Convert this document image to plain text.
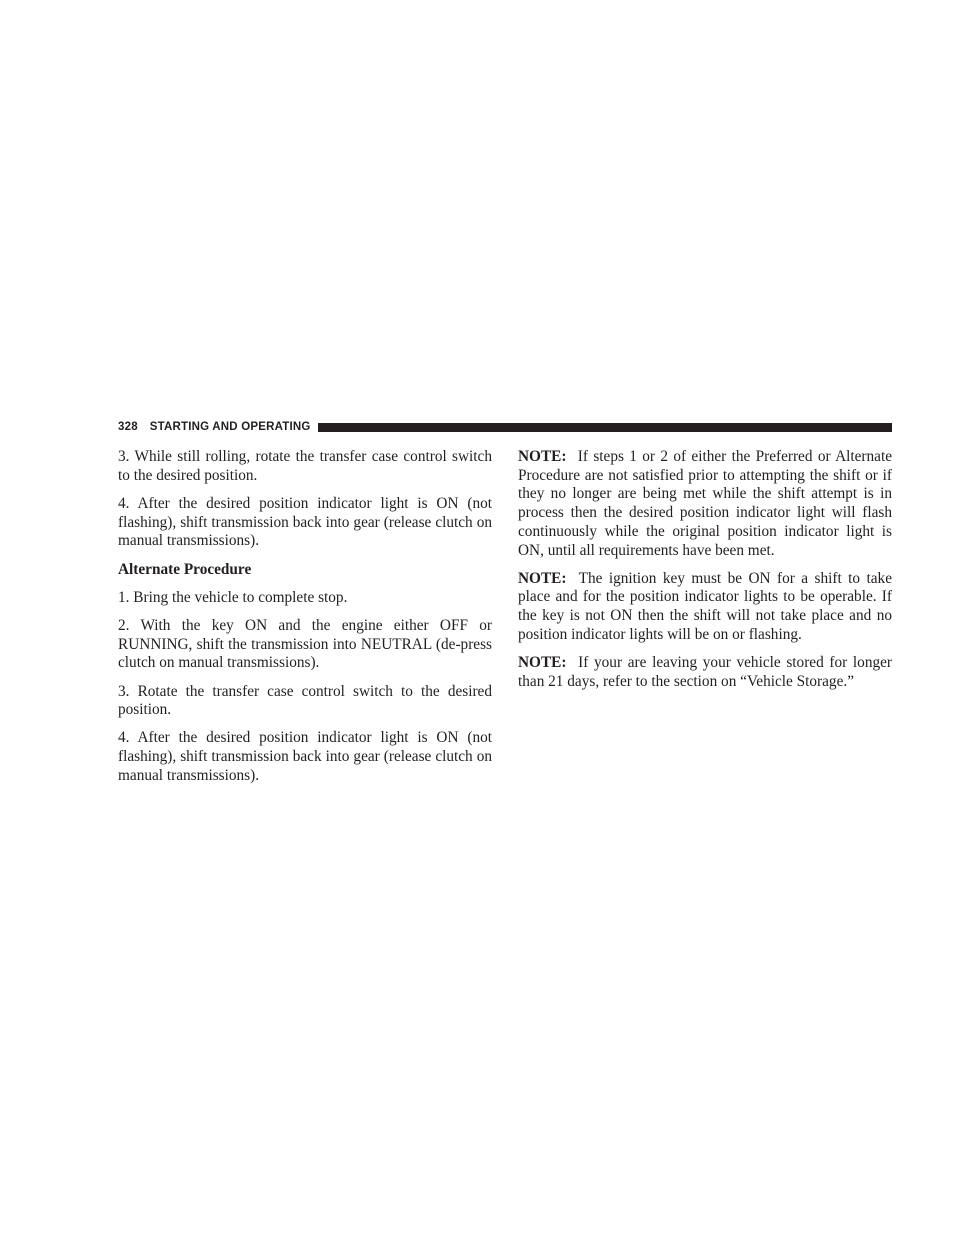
328 STARTING AND OPERATING

3. While still rolling, rotate the transfer case control switch to the desired position.

4. After the desired position indicator light is ON (not flashing), shift transmission back into gear (release clutch on manual transmissions).

Alternate Procedure

1. Bring the vehicle to complete stop.

2. With the key ON and the engine either OFF or RUNNING, shift the transmission into NEUTRAL (de-press clutch on manual transmissions).

3. Rotate the transfer case control switch to the desired position.

4. After the desired position indicator light is ON (not flashing), shift transmission back into gear (release clutch on manual transmissions).

NOTE: If steps 1 or 2 of either the Preferred or Alternate Procedure are not satisfied prior to attempting the shift or if they no longer are being met while the shift attempt is in process then the desired position indicator light will flash continuously while the original position indicator light is ON, until all requirements have been met.

NOTE: The ignition key must be ON for a shift to take place and for the position indicator lights to be operable. If the key is not ON then the shift will not take place and no position indicator lights will be on or flashing.

NOTE: If your are leaving your vehicle stored for longer than 21 days, refer to the section on “Vehicle Storage.”
